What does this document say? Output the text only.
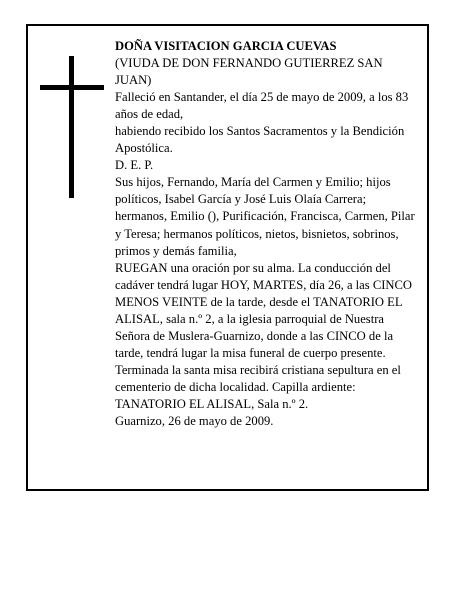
DOÑA VISITACION GARCIA CUEVAS

(VIUDA DE DON FERNANDO GUTIERREZ SAN JUAN)

Falleció en Santander, el día 25 de mayo de 2009, a los 83 años de edad,

habiendo recibido los Santos Sacramentos y la Bendición Apostólica.

D. E. P.

Sus hijos, Fernando, María del Carmen y Emilio; hijos políticos, Isabel García y José Luis Olaía Carrera; hermanos, Emilio (), Purificación, Francisca, Carmen, Pilar y Teresa; hermanos políticos, nietos, bisnietos, sobrinos, primos y demás familia,

RUEGAN una oración por su alma. La conducción del cadáver tendrá lugar HOY, MARTES, día 26, a las CINCO MENOS VEINTE de la tarde, desde el TANATORIO EL ALISAL, sala n.º 2, a la iglesia parroquial de Nuestra Señora de Muslera-Guarnizo, donde a las CINCO de la tarde, tendrá lugar la misa funeral de cuerpo presente. Terminada la santa misa recibirá cristiana sepultura en el cementerio de dicha localidad. Capilla ardiente: TANATORIO EL ALISAL, Sala n.º 2.

Guarnizo, 26 de mayo de 2009.
